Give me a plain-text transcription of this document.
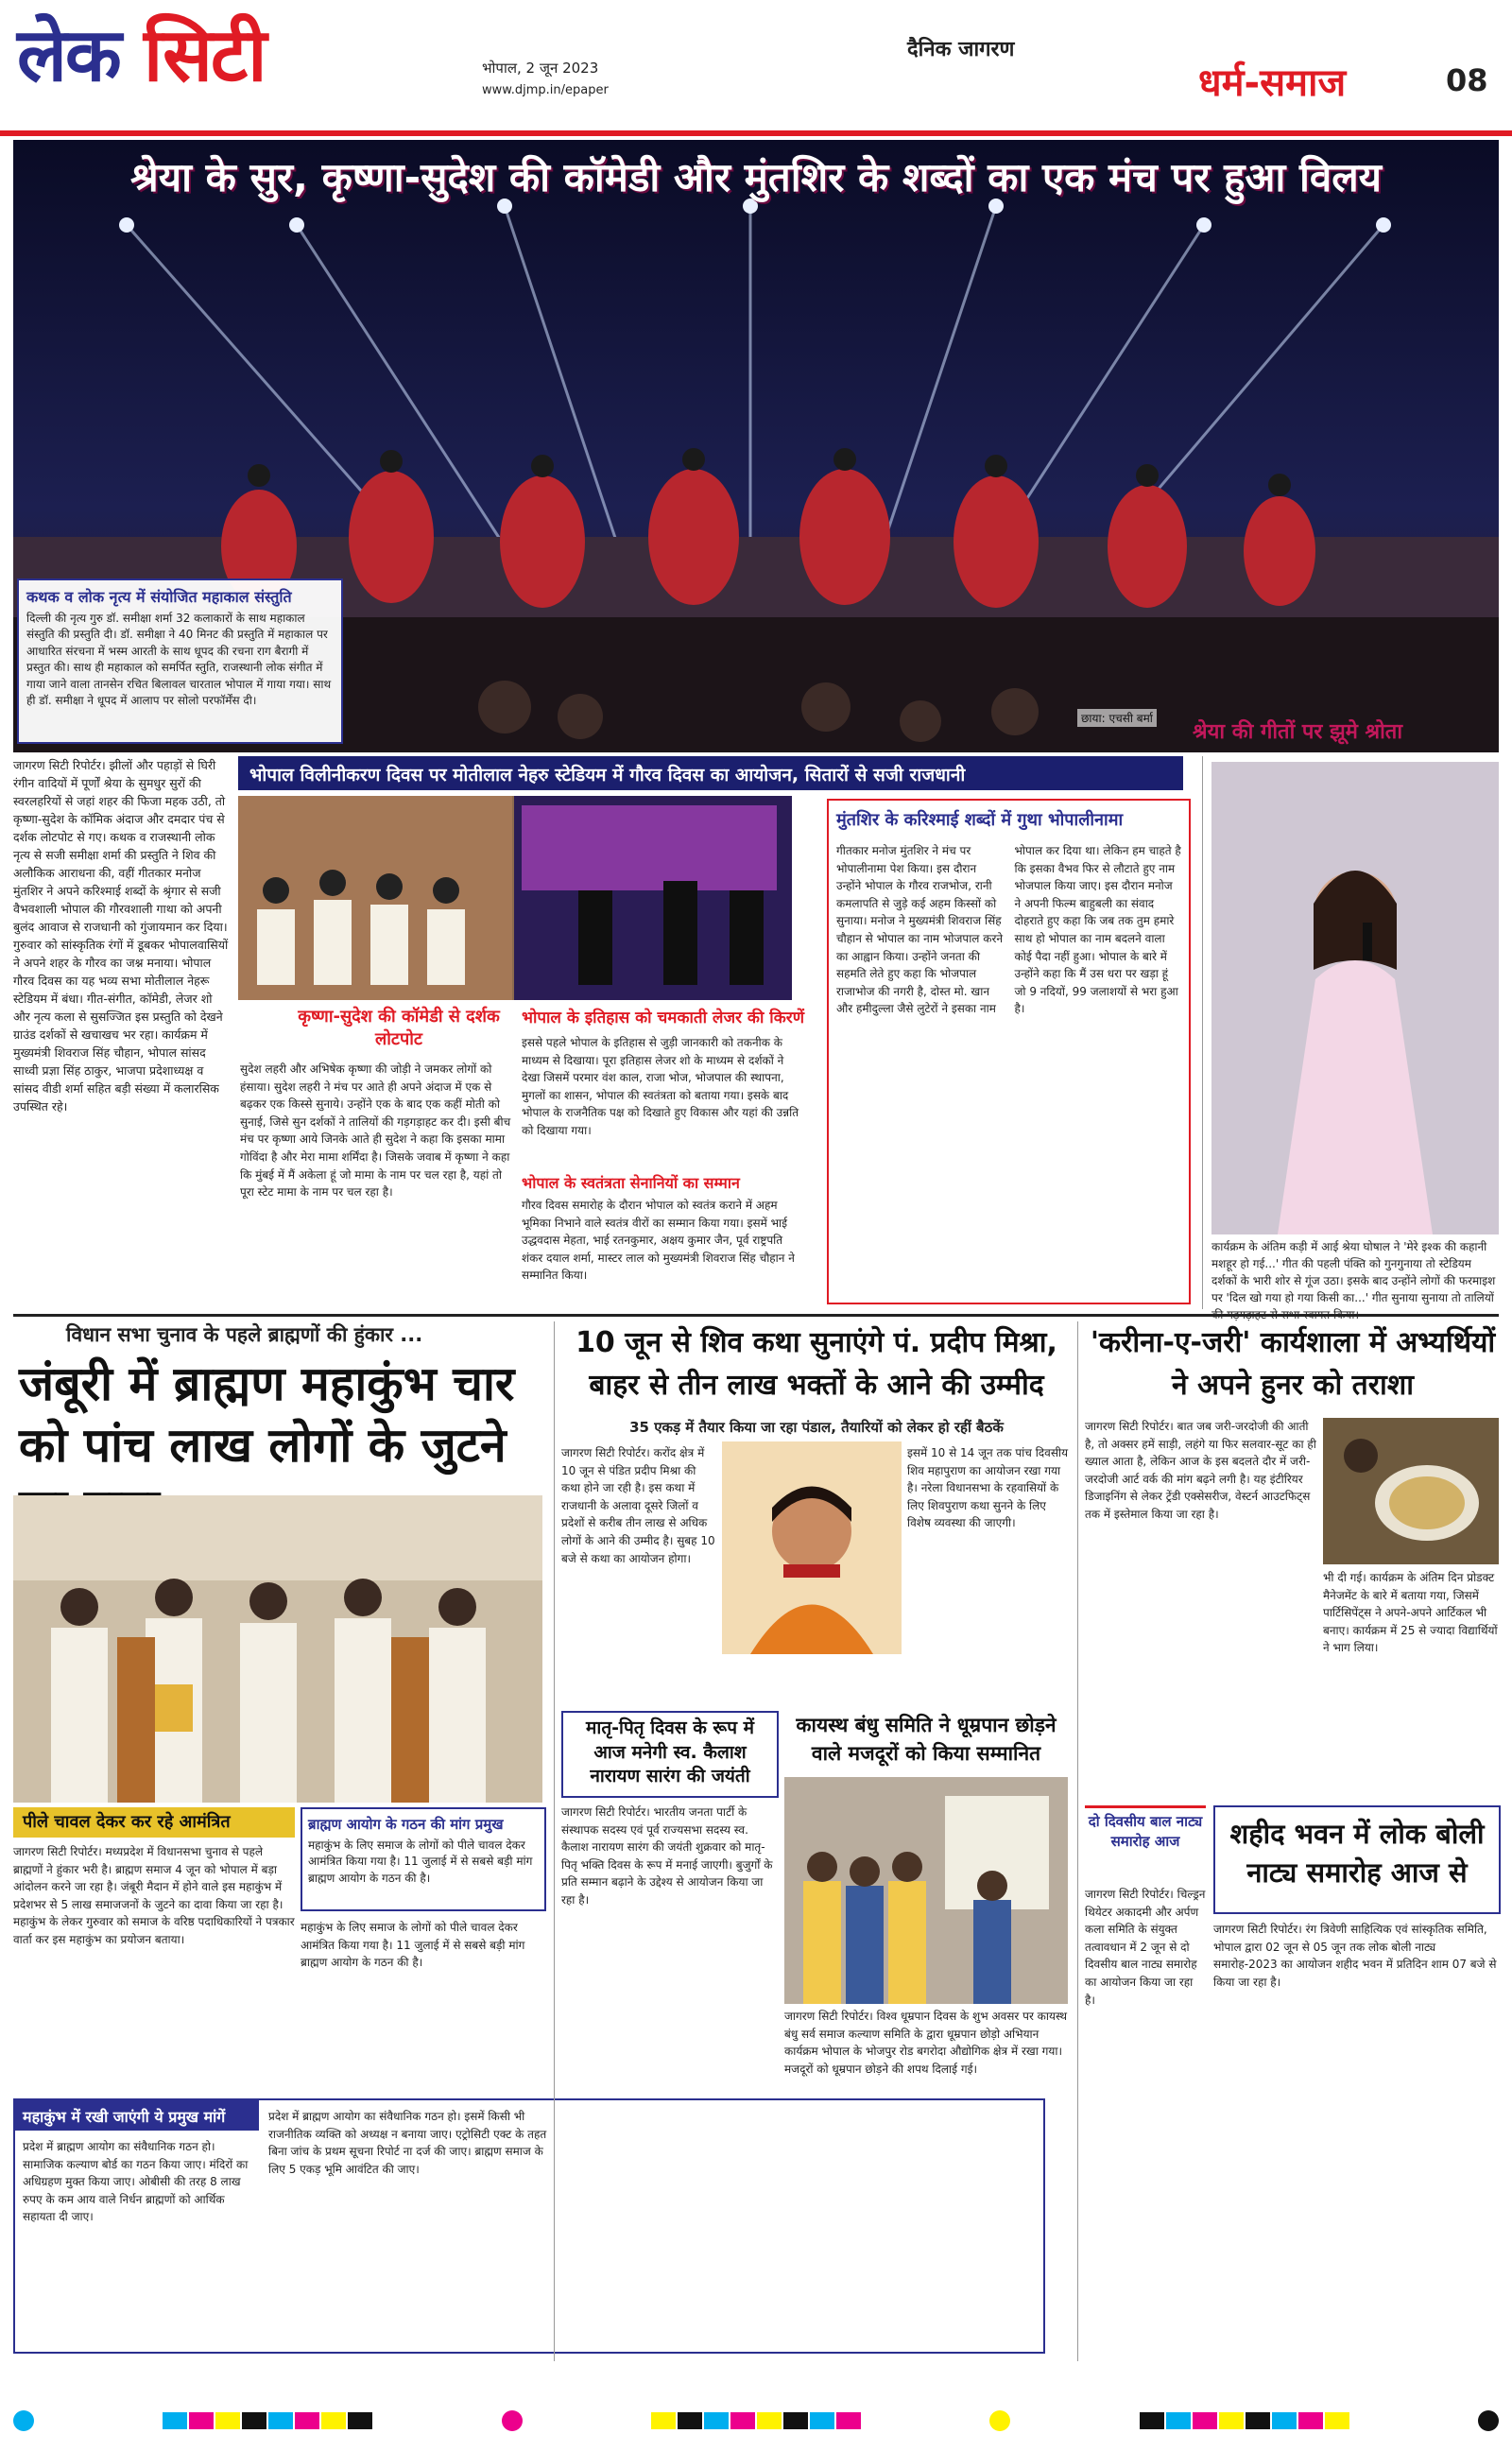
लेक सिटी	भोपाल, 2 जून 2023
www.djmp.in/epaper
दैनिक जागरण
धर्म-समाज	08
श्रेया के सुर, कृष्णा-सुदेश की कॉमेडी और मुंतशिर के शब्दों का एक मंच पर हुआ विलय
कथक व लोक नृत्य में संयोजित महाकाल संस्तुति

दिल्ली की नृत्य गुरु डॉ. समीक्षा शर्मा 32 कलाकारों के साथ महाकाल संस्तुति की प्रस्तुति दी। डॉ. समीक्षा ने 40 मिनट की प्रस्तुति में महाकाल पर आधारित संरचना में भस्म आरती के साथ धूपद की रचना राग बैरागी में प्रस्तुत की। साथ ही महाकाल को समर्पित स्तुति, राजस्थानी लोक संगीत में गाया जाने वाला तानसेन रचित बिलावल चारताल भोपाल में गाया गया। साथ ही डॉ. समीक्षा ने धूपद में आलाप पर सोलो परफॉर्मेंस दी।

छाया: एचसी बर्मा
श्रेया की गीतों पर झूमे श्रोता
जागरण सिटी रिपोर्टर। झीलों और पहाड़ों से घिरी रंगीन वादियों में पूर्णों श्रेया के सुमधुर सुरों की स्वरलहरियों से जहां शहर की फिजा महक उठी, तो कृष्णा-सुदेश के कॉमिक अंदाज और दमदार पंच से दर्शक लोटपोट से गए। कथक व राजस्थानी लोक नृत्य से सजी समीक्षा शर्मा की प्रस्तुति ने शिव की अलौकिक आराधना की, वहीं गीतकार मनोज मुंतशिर ने अपने करिश्माई शब्दों के श्रृंगार से सजी वैभवशाली भोपाल की गौरवशाली गाथा को अपनी बुलंद आवाज से राजधानी को गुंजायमान कर दिया। गुरुवार को सांस्कृतिक रंगों में डूबकर भोपालवासियों ने अपने शहर के गौरव का जश्न मनाया। भोपाल गौरव दिवस का यह भव्य सभा मोतीलाल नेहरू स्टेडियम में बंधा। गीत-संगीत, कॉमेडी, लेजर शो और नृत्य कला से सुसज्जित इस प्रस्तुति को देखने ग्राउंड दर्शकों से खचाखच भर रहा। कार्यक्रम में मुख्यमंत्री शिवराज सिंह चौहान, भोपाल सांसद साध्वी प्रज्ञा सिंह ठाकुर, भाजपा प्रदेशाध्यक्ष व सांसद वीडी शर्मा सहित बड़ी संख्या में कलारसिक उपस्थित रहे।
भोपाल विलीनीकरण दिवस पर मोतीलाल नेहरु स्टेडियम में गौरव दिवस का आयोजन, सितारों से सजी राजधानी
कृष्णा-सुदेश की कॉमेडी से दर्शक लोटपोट
सुदेश लहरी और अभिषेक कृष्णा की जोड़ी ने जमकर लोगों को हंसाया। सुदेश लहरी ने मंच पर आते ही अपने अंदाज में एक से बढ़कर एक किस्से सुनाये। उन्होंने एक के बाद एक कहीं मोती को सुनाई, जिसे सुन दर्शकों ने तालियों की गड़गड़ाहट कर दी। इसी बीच मंच पर कृष्णा आये जिनके आते ही सुदेश ने कहा कि इसका मामा गोविंदा है और मेरा मामा शर्मिंदा है। जिसके जवाब में कृष्णा ने कहा कि मुंबई में मैं अकेला हूं जो मामा के नाम पर चल रहा है, यहां तो पूरा स्टेट मामा के नाम पर चल रहा है।
भोपाल के इतिहास को चमकाती लेजर की किरणें
इससे पहले भोपाल के इतिहास से जुड़ी जानकारी को तकनीक के माध्यम से दिखाया। पूरा इतिहास लेजर शो के माध्यम से दर्शकों ने देखा जिसमें परमार वंश काल, राजा भोज, भोजपाल की स्थापना, मुगलों का शासन, भोपाल की स्वतंत्रता को बताया गया। इसके बाद भोपाल के राजनैतिक पक्ष को दिखाते हुए विकास और यहां की उन्नति को दिखाया गया।
भोपाल के स्वतंत्रता सेनानियों का सम्मान
गौरव दिवस समारोह के दौरान भोपाल को स्वतंत्र कराने में अहम भूमिका निभाने वाले स्वतंत्र वीरों का सम्मान किया गया। इसमें भाई उद्धवदास मेहता, भाई रतनकुमार, अक्षय कुमार जैन, पूर्व राष्ट्रपति शंकर दयाल शर्मा, मास्टर लाल को मुख्यमंत्री शिवराज सिंह चौहान ने सम्मानित किया।
मुंतशिर के करिश्माई शब्दों में गुथा भोपालीनामा
गीतकार मनोज मुंतशिर ने मंच पर भोपालीनामा पेश किया। इस दौरान उन्होंने भोपाल के गौरव राजभोज, रानी कमलापति से जुड़े कई अहम किस्सों को सुनाया। मनोज ने मुख्यमंत्री शिवराज सिंह चौहान से भोपाल का नाम भोजपाल करने का आह्वान किया। उन्होंने जनता की सहमति लेते हुए कहा कि भोजपाल राजाभोज की नगरी है, दोस्त मो. खान और हमीदुल्ला जैसे लुटेरों ने इसका नाम भोपाल कर दिया था। लेकिन हम चाहते है कि इसका वैभव फिर से लौटाते हुए नाम भोजपाल किया जाए। इस दौरान मनोज ने अपनी फिल्म बाहुबली का संवाद दोहराते हुए कहा कि जब तक तुम हमारे साथ हो भोपाल का नाम बदलने वाला कोई पैदा नहीं हुआ। भोपाल के बारे में उन्होंने कहा कि मैं उस धरा पर खड़ा हूं जो 9 नदियों, 99 जलाशयों से भरा हुआ है।
कार्यक्रम के अंतिम कड़ी में आई श्रेया घोषाल ने 'मेरे इश्क की कहानी मशहूर हो गई...' गीत की पहली पंक्ति को गुनगुनाया तो स्टेडियम दर्शकों के भारी शोर से गूंज उठा। इसके बाद उन्होंने लोगों की फरमाइश पर 'दिल खो गया हो गया किसी का...' गीत सुनाया सुनाया तो तालियों
विधान सभा चुनाव के पहले ब्राह्मणों की हुंकार ...
जंबूरी में ब्राह्मण महाकुंभ चार को पांच लाख लोगों के जुटने
पीले चावल देकर कर रहे आमंत्रित
जागरण सिटी रिपोर्टर। मध्यप्रदेश में विधानसभा चुनाव से पहले ब्राह्मणों ने हुंकार भरी है। ब्राह्मण समाज 4 जून को भोपाल में बड़ा आंदोलन करने जा रहा है। जंबूरी मैदान में होने वाले इस महाकुंभ में प्रदेशभर से 5 लाख समाजजनों के जुटने का दावा किया जा रहा है। महाकुंभ के लेकर गुरुवार को समाज के वरिष्ठ पदाधिकारियों ने पत्रकार वार्ता कर इस महाकुंभ का प्रयोजन बताया।
ब्राह्मण आयोग के गठन की मांग प्रमुख

महाकुंभ के लिए समाज के लोगों को पीले चावल देकर आमंत्रित किया गया है। 11 जुलाई में से सबसे बड़ी मांग ब्राह्मण आयोग के गठन की है।

महाकुंभ में रखी जाएंगी ये प्रमुख मांगें
प्रदेश में ब्राह्मण आयोग का संवैधानिक गठन हो। सामाजिक कल्याण बोर्ड का गठन किया जाए। मंदिरों का अधिग्रहण मुक्त किया जाए। ओबीसी की तरह 8 लाख रुपए के कम आय वाले निर्धन ब्राह्मणों को आर्थिक सहायता दी जाए।
प्रदेश में ब्राह्मण आयोग का संवैधानिक गठन हो। इसमें किसी भी राजनीतिक व्यक्ति को अध्यक्ष न बनाया जाए। एट्रोसिटी एक्ट के तहत बिना जांच के प्रथम सूचना रिपोर्ट ना दर्ज की जाए। ब्राह्मण समाज के लिए 5 एकड़ भूमि आवंटित की जाए।
महाकुंभ के लिए समाज के लोगों को पीले चावल देकर आमंत्रित किया गया है। 11 जुलाई में से सबसे बड़ी मांग ब्राह्मण आयोग के गठन की है।
10 जून से शिव कथा सुनाएंगे पं. प्रदीप मिश्रा, बाहर से तीन लाख भक्तों के आने की उम्मीद
35 एकड़ में तैयार किया जा रहा पंडाल, तैयारियों को लेकर हो रहीं बैठकें
जागरण सिटी रिपोर्टर। करोंद क्षेत्र में 10 जून से पंडित प्रदीप मिश्रा की कथा होने जा रही है। इस कथा में राजधानी के अलावा दूसरे जिलों व प्रदेशों से करीब तीन लाख से अधिक लोगों के आने की उम्मीद है। सुबह 10 बजे से कथा का आयोजन होगा।
इसमें 10 से 14 जून तक पांच दिवसीय शिव महापुराण का आयोजन रखा गया है। नरेला विधानसभा के रहवासियों के लिए शिवपुराण कथा सुनने के लिए विशेष व्यवस्था की जाएगी।
मातृ-पितृ दिवस के रूप में आज मनेगी स्व. कैलाश नारायण सारंग की जयंती
जागरण सिटी रिपोर्टर। भारतीय जनता पार्टी के संस्थापक सदस्य एवं पूर्व राज्यसभा सदस्य स्व. कैलाश नारायण सारंग की जयंती शुक्रवार को मातृ-पितृ भक्ति दिवस के रूप में मनाई जाएगी। बुजुर्गों के प्रति सम्मान बढ़ाने के उद्देश्य से आयोजन किया जा रहा है।
कायस्थ बंधु समिति ने धूम्रपान छोड़ने वाले मजदूरों को किया सम्मानित
जागरण सिटी रिपोर्टर। विश्व धूम्रपान दिवस के शुभ अवसर पर कायस्थ बंधु सर्व समाज कल्याण समिति के द्वारा धूम्रपान छोड़ो अभियान कार्यक्रम भोपाल के भोजपुर रोड बगरोदा औद्योगिक क्षेत्र में रखा गया। मजदूरों को धूम्रपान छोड़ने की शपथ दिलाई गई।
'करीना-ए-जरी' कार्यशाला में अभ्यर्थियों ने अपने हुनर को तराशा
जागरण सिटी रिपोर्टर। बात जब जरी-जरदोजी की आती है, तो अक्सर हमें साड़ी, लहंगे या फिर सलवार-सूट का ही ख्याल आता है, लेकिन आज के इस बदलते दौर में जरी-जरदोजी आर्ट वर्क की मांग बढ़ने लगी है। यह इंटीरियर डिजाइनिंग से लेकर ट्रेंडी एक्सेसरीज, वेस्टर्न आउटफिट्स तक में इस्तेमाल किया जा रहा है।
भी दी गई। कार्यक्रम के अंतिम दिन प्रोडक्ट मैनेजमेंट के बारे में बताया गया, जिसमें पार्टिसिपेंट्स ने अपने-अपने आर्टिकल भी बनाए। कार्यक्रम में 25 से ज्यादा विद्यार्थियों ने भाग लिया।
दो दिवसीय बाल नाट्य समारोह आज
जागरण सिटी रिपोर्टर। चिल्ड्रन थियेटर अकादमी और अर्पण कला समिति के संयुक्त तत्वावधान में 2 जून से दो दिवसीय बाल नाट्य समारोह का आयोजन किया जा रहा है।
शहीद भवन में लोक बोली नाट्य समारोह आज से
जागरण सिटी रिपोर्टर। रंग त्रिवेणी साहित्यिक एवं सांस्कृतिक समिति, भोपाल द्वारा 02 जून से 05 जून तक लोक बोली नाट्य समारोह-2023 का आयोजन शहीद भवन में प्रतिदिन शाम 07 बजे से किया जा रहा है।
